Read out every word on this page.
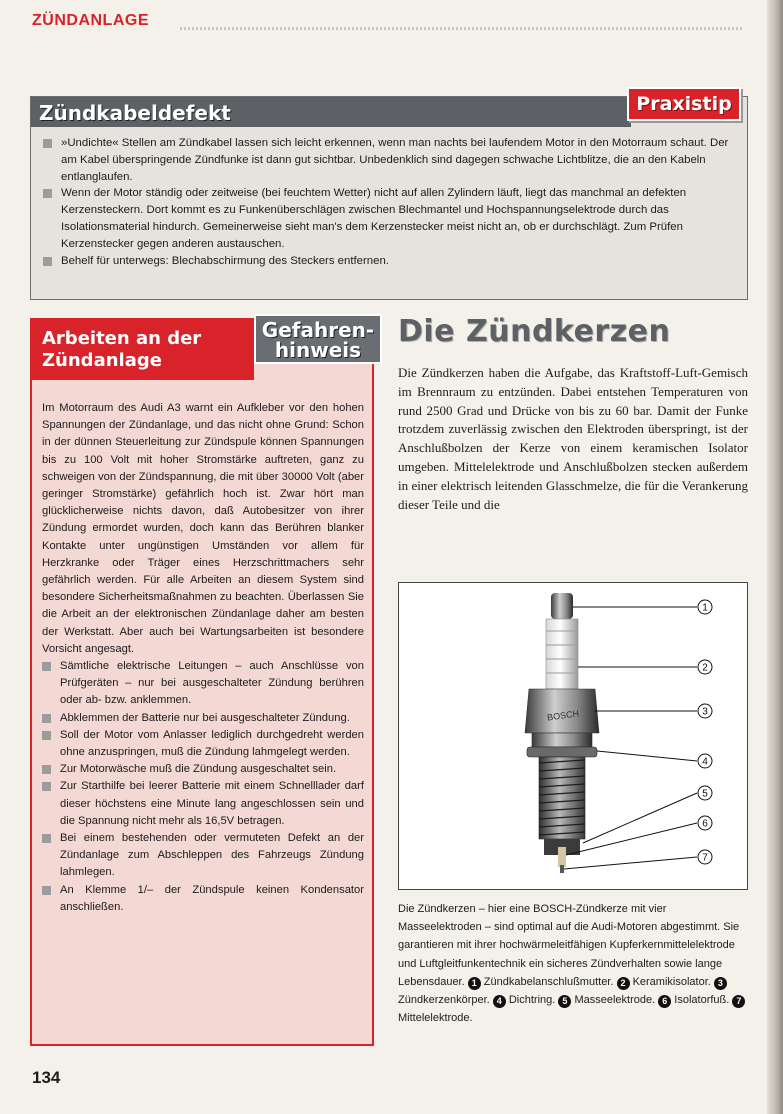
ZÜNDANLAGE
Zündkabeldefekt	Praxistip
»Undichte« Stellen am Zündkabel lassen sich leicht erkennen, wenn man nachts bei laufendem Motor in den Motorraum schaut. Der am Kabel überspringende Zündfunke ist dann gut sichtbar. Unbedenklich sind dagegen schwache Lichtblitze, die an den Kabeln entlanglaufen.
Wenn der Motor ständig oder zeitweise (bei feuchtem Wetter) nicht auf allen Zylindern läuft, liegt das manchmal an defekten Kerzensteckern. Dort kommt es zu Funkenüberschlägen zwischen Blechmantel und Hochspannungselektrode durch das Isolationsmaterial hindurch. Gemeinerweise sieht man's dem Kerzenstecker meist nicht an, ob er durchschlägt. Zum Prüfen Kerzenstecker gegen anderen austauschen.
Behelf für unterwegs: Blechabschirmung des Steckers entfernen.
Arbeiten an der
Zündanlage
Gefahren-
hinweis
Im Motorraum des Audi A3 warnt ein Aufkleber vor den hohen Spannungen der Zündanlage, und das nicht ohne Grund: Schon in der dünnen Steuerleitung zur Zündspule können Spannungen bis zu 100 Volt mit hoher Stromstärke auftreten, ganz zu schweigen von der Zündspannung, die mit über 30000 Volt (aber geringer Stromstärke) gefährlich hoch ist. Zwar hört man glücklicherweise nichts davon, daß Autobesitzer von ihrer Zündung ermordet wurden, doch kann das Berühren blanker Kontakte unter ungünstigen Umständen vor allem für Herzkranke oder Träger eines Herzschrittmachers sehr gefährlich werden. Für alle Arbeiten an diesem System sind besondere Sicherheitsmaßnahmen zu beachten. Überlassen Sie die Arbeit an der elektronischen Zündanlage daher am besten der Werkstatt. Aber auch bei Wartungsarbeiten ist besondere Vorsicht angesagt.
Sämtliche elektrische Leitungen – auch Anschlüsse von Prüfgeräten – nur bei ausgeschalteter Zündung berühren oder ab- bzw. anklemmen.
Abklemmen der Batterie nur bei ausgeschalteter Zündung.
Soll der Motor vom Anlasser lediglich durchgedreht werden ohne anzuspringen, muß die Zündung lahmgelegt werden.
Zur Motorwäsche muß die Zündung ausgeschaltet sein.
Zur Starthilfe bei leerer Batterie mit einem Schnelllader darf dieser höchstens eine Minute lang angeschlossen sein und die Spannung nicht mehr als 16,5V betragen.
Bei einem bestehenden oder vermuteten Defekt an der Zündanlage zum Abschleppen des Fahrzeugs Zündung lahmlegen.
An Klemme 1/– der Zündspule keinen Kondensator anschließen.
Die Zündkerzen
Die Zündkerzen haben die Aufgabe, das Kraftstoff-Luft-Gemisch im Brennraum zu entzünden. Dabei entstehen Temperaturen von rund 2500 Grad und Drücke von bis zu 60 bar. Damit der Funke trotzdem zuverlässig zwischen den Elektroden überspringt, ist der Anschlußbolzen der Kerze von einem keramischen Isolator umgeben. Mittelelektrode und Anschlußbolzen stecken außerdem in einer elektrisch leitenden Glasschmelze, die für die Verankerung dieser Teile und die
BOSCH
1
2
3
4
5
6
7
Die Zündkerzen – hier eine BOSCH-Zündkerze mit vier Masseelektroden – sind optimal auf die Audi-Motoren abgestimmt. Sie garantieren mit ihrer hochwärmeleitfähigen Kupferkernmittelelektrode und Luftgleitfunkentechnik ein sicheres Zündverhalten sowie lange Lebensdauer. 1 Zündkabelanschlußmutter. 2 Keramikisolator. 3 Zündkerzenkörper. 4 Dichtring. 5 Masseelektrode. 6 Isolatorfuß. 7 Mittelelektrode.
134
